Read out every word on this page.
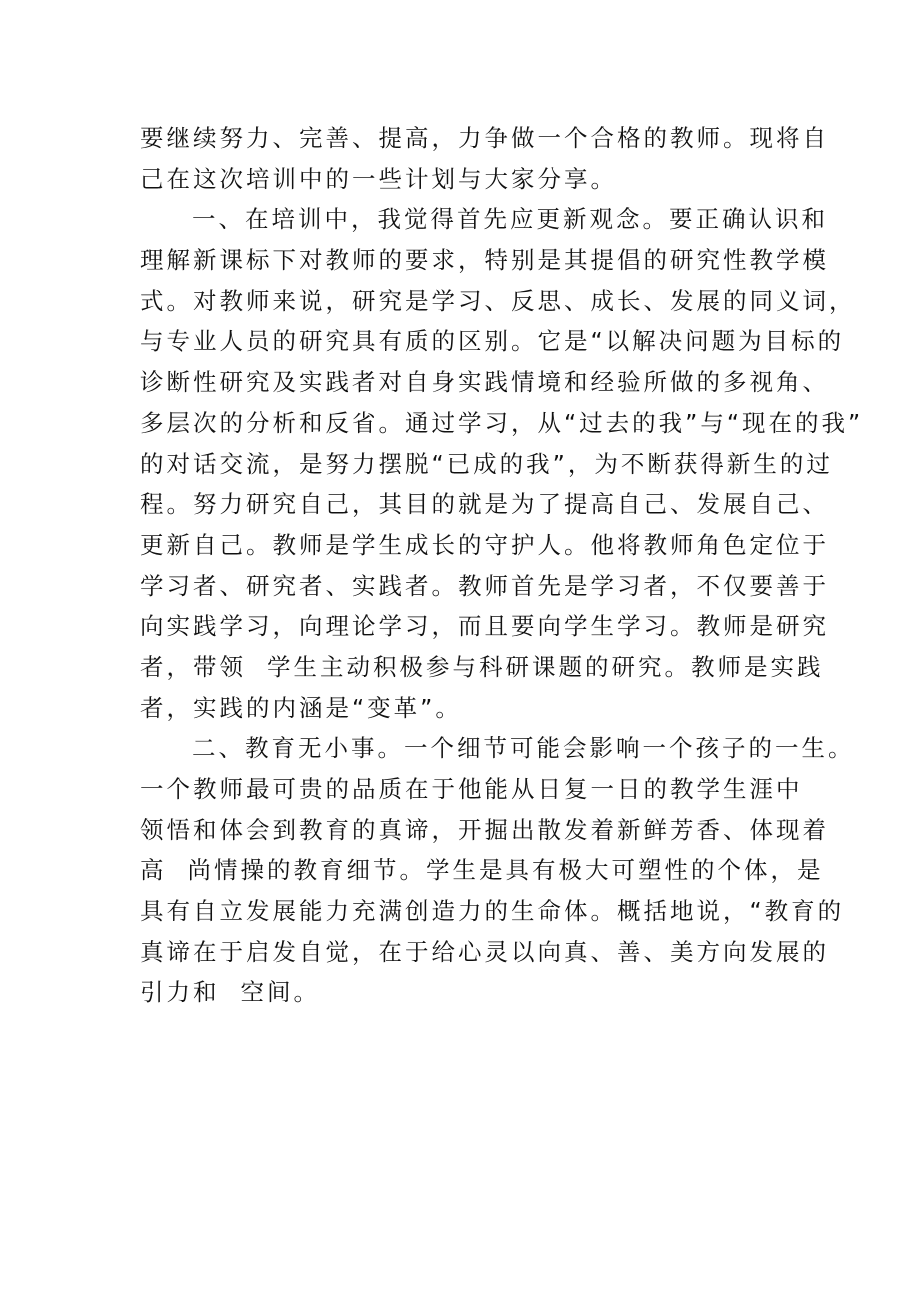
要继续努力、完善、提高，力争做一个合格的教师。现将自
己在这次培训中的一些计划与大家分享。
一、在培训中，我觉得首先应更新观念。要正确认识和
理解新课标下对教师的要求，特别是其提倡的研究性教学模
式。对教师来说，研究是学习、反思、成长、发展的同义词，
与专业人员的研究具有质的区别。它是“以解决问题为目标的
诊断性研究及实践者对自身实践情境和经验所做的多视角、
多层次的分析和反省。通过学习，从“过去的我”与“现在的我”
的对话交流，是努力摆脱“已成的我”，为不断获得新生的过
程。努力研究自己，其目的就是为了提高自己、发展自己、
更新自己。教师是学生成长的守护人。他将教师角色定位于
学习者、研究者、实践者。教师首先是学习者，不仅要善于
向实践学习，向理论学习，而且要向学生学习。教师是研究
者，带领  学生主动积极参与科研课题的研究。教师是实践
者，实践的内涵是“变革”。
二、教育无小事。一个细节可能会影响一个孩子的一生。
一个教师最可贵的品质在于他能从日复一日的教学生涯中
领悟和体会到教育的真谛，开掘出散发着新鲜芳香、体现着
高  尚情操的教育细节。学生是具有极大可塑性的个体，是
具有自立发展能力充满创造力的生命体。概括地说，“教育的
真谛在于启发自觉，在于给心灵以向真、善、美方向发展的
引力和  空间。
